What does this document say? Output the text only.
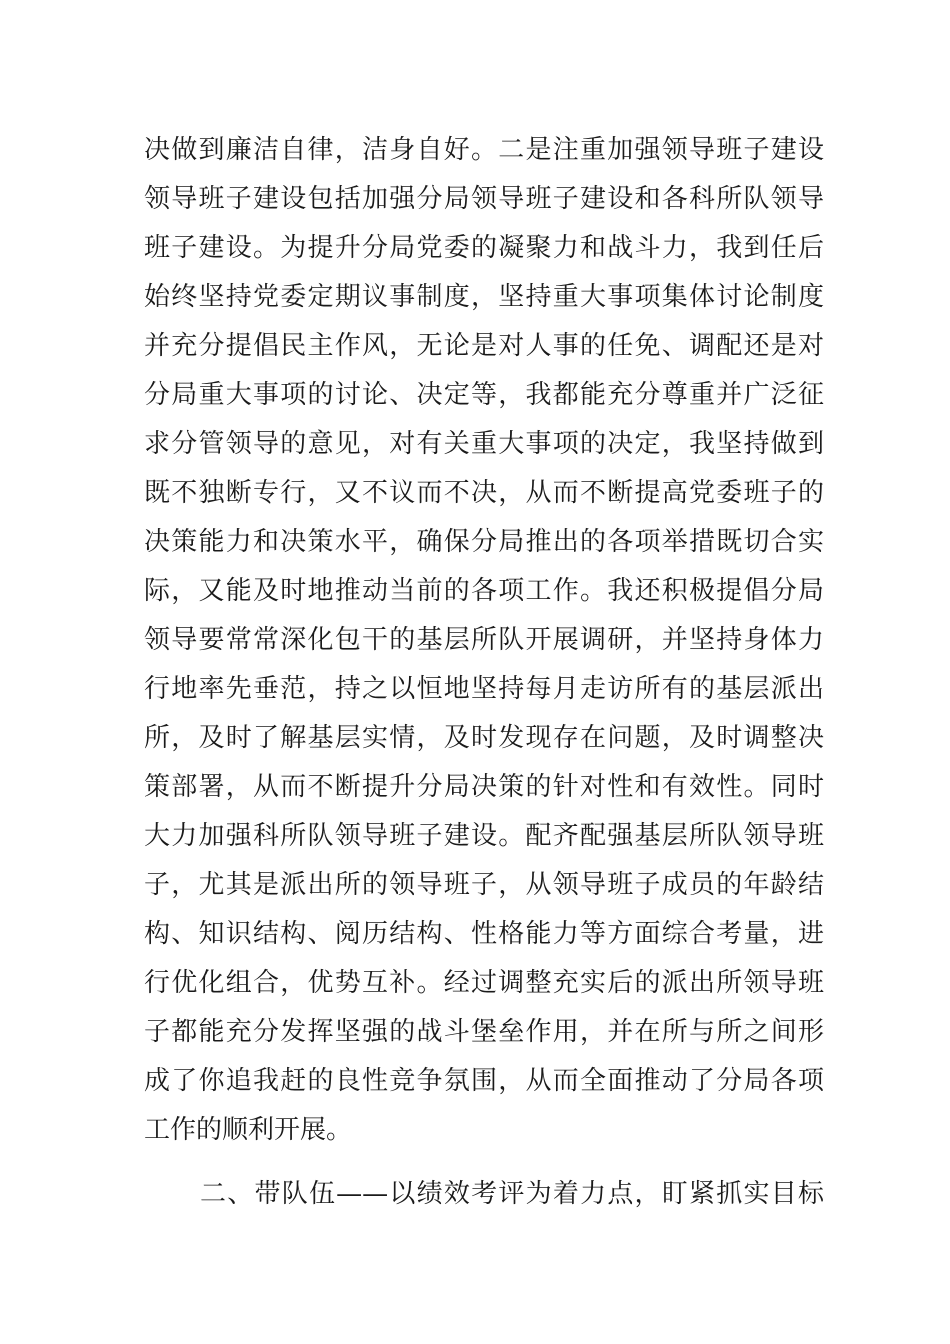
决做到廉洁自律，洁身自好。二是注重加强领导班子建设
领导班子建设包括加强分局领导班子建设和各科所队领导
班子建设。为提升分局党委的凝聚力和战斗力，我到任后
始终坚持党委定期议事制度，坚持重大事项集体讨论制度
并充分提倡民主作风，无论是对人事的任免、调配还是对
分局重大事项的讨论、决定等，我都能充分尊重并广泛征
求分管领导的意见，对有关重大事项的决定，我坚持做到
既不独断专行，又不议而不决，从而不断提高党委班子的
决策能力和决策水平，确保分局推出的各项举措既切合实
际，又能及时地推动当前的各项工作。我还积极提倡分局
领导要常常深化包干的基层所队开展调研，并坚持身体力
行地率先垂范，持之以恒地坚持每月走访所有的基层派出
所，及时了解基层实情，及时发现存在问题，及时调整决
策部署，从而不断提升分局决策的针对性和有效性。同时
大力加强科所队领导班子建设。配齐配强基层所队领导班
子，尤其是派出所的领导班子，从领导班子成员的年龄结
构、知识结构、阅历结构、性格能力等方面综合考量，进
行优化组合，优势互补。经过调整充实后的派出所领导班
子都能充分发挥坚强的战斗堡垒作用，并在所与所之间形
成了你追我赶的良性竞争氛围，从而全面推动了分局各项
工作的顺利开展。
二、带队伍——以绩效考评为着力点，盯紧抓实目标
